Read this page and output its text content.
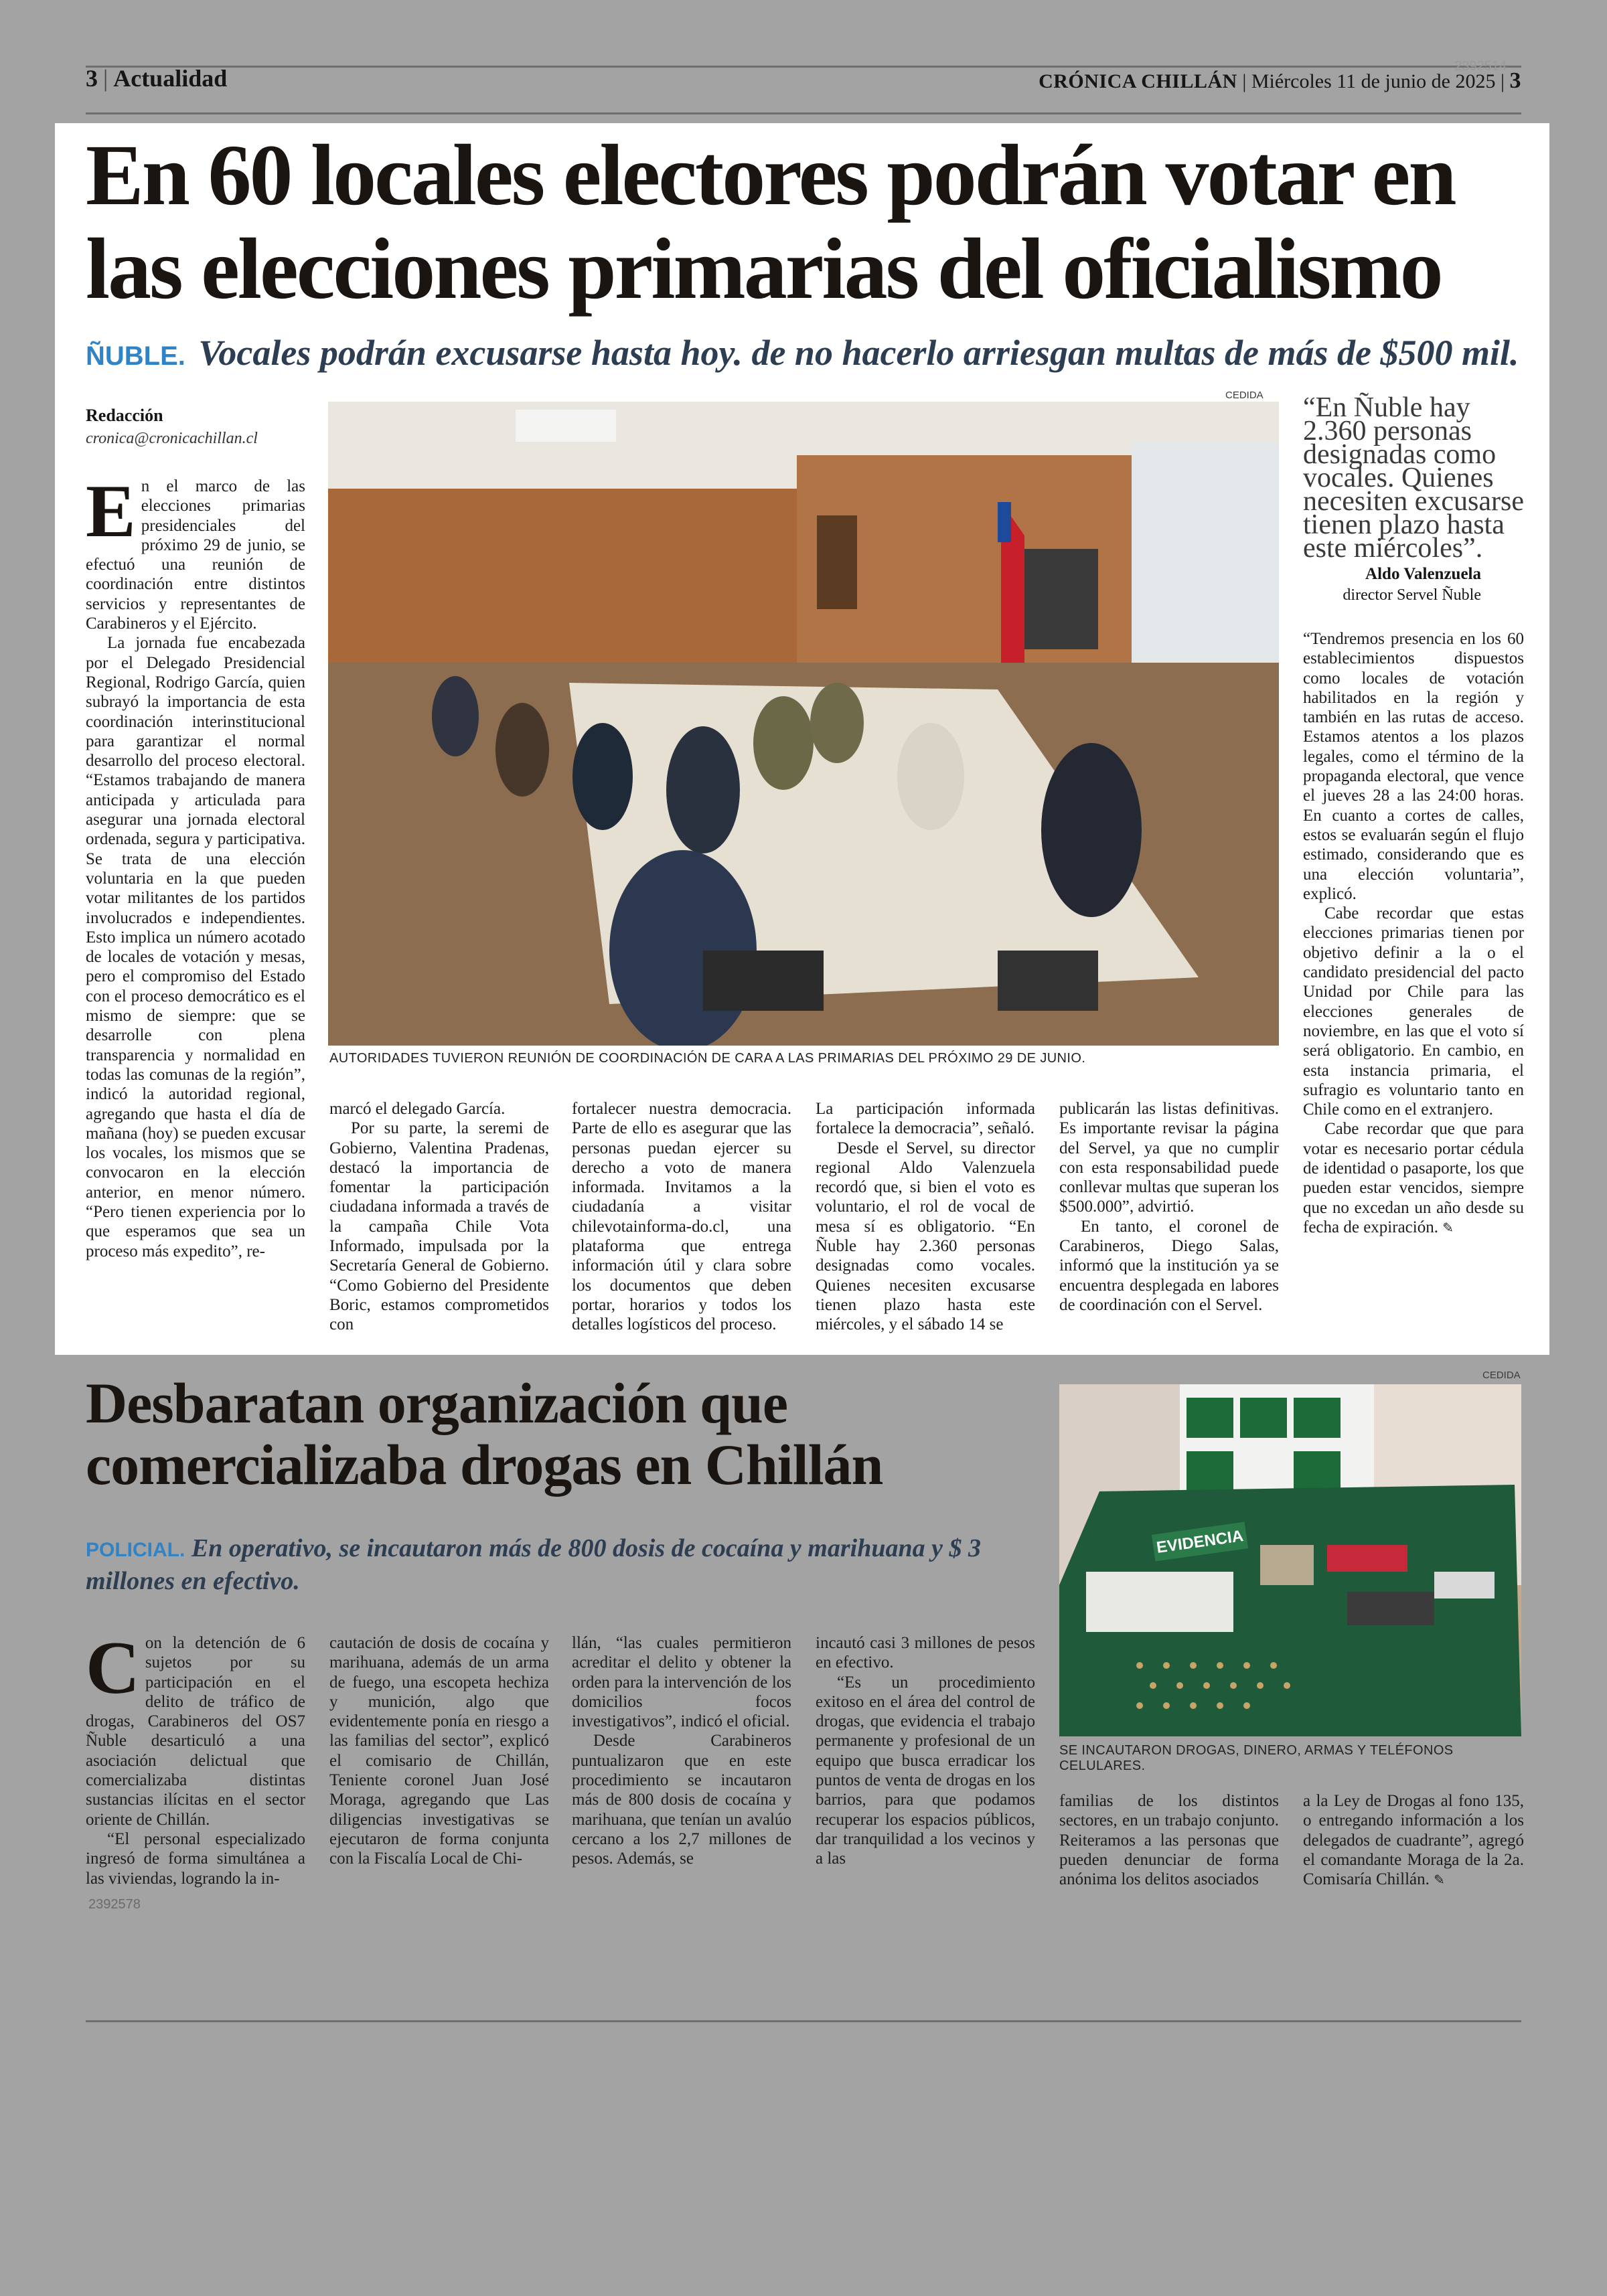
3 | Actualidad	2392514
CRÓNICA CHILLÁN | Miércoles 11 de junio de 2025 | 3
En 60 locales electores podrán votar en las elecciones primarias del oficialismo
ÑUBLE. Vocales podrán excusarse hasta hoy. de no hacerlo arriesgan multas de más de $500 mil.
Redacción
cronica@cronicachillan.cl
E n el marco de las elecciones primarias presidenciales del próximo 29 de junio, se efectuó una reunión de coordinación entre distintos servicios y representantes de Carabineros y el Ejército.

La jornada fue encabezada por el Delegado Presidencial Regional, Rodrigo García, quien subrayó la importancia de esta coordinación interinstitucional para garantizar el normal desarrollo del proceso electoral. “Estamos trabajando de manera anticipada y articulada para asegurar una jornada electoral ordenada, segura y participativa. Se trata de una elección voluntaria en la que pueden votar militantes de los partidos involucrados e independientes. Esto implica un número acotado de locales de votación y mesas, pero el compromiso del Estado con el proceso democrático es el mismo de siempre: que se desarrolle con plena transparencia y normalidad en todas las comunas de la región”, indicó la autoridad regional, agregando que hasta el día de mañana (hoy) se pueden excusar los vocales, los mismos que se convocaron en la elección anterior, en menor número. “Pero tienen experiencia por lo que esperamos que sea un proceso más expedito”, re-

CEDIDA
AUTORIDADES TUVIERON REUNIÓN DE COORDINACIÓN DE CARA A LAS PRIMARIAS DEL PRÓXIMO 29 DE JUNIO.
“En Ñuble hay 2.360 personas designadas como vocales. Quienes necesiten excusarse tienen plazo hasta este miércoles”.
Aldo Valenzuela
director Servel Ñuble

marcó el delegado García.

Por su parte, la seremi de Gobierno, Valentina Pradenas, destacó la importancia de fomentar la participación ciudadana informada a través de la campaña Chile Vota Informado, impulsada por la Secretaría General de Gobierno. “Como Gobierno del Presidente Boric, estamos comprometidos con

fortalecer nuestra democracia. Parte de ello es asegurar que las personas puedan ejercer su derecho a voto de manera informada. Invitamos a la ciudadanía a visitar chilevotainforma-do.cl, una plataforma que entrega información útil y clara sobre los documentos que deben portar, horarios y todos los detalles logísticos del proceso.

La participación informada fortalece la democracia”, señaló.

Desde el Servel, su director regional Aldo Valenzuela recordó que, si bien el voto es voluntario, el rol de vocal de mesa sí es obligatorio. “En Ñuble hay 2.360 personas designadas como vocales. Quienes necesiten excusarse tienen plazo hasta este miércoles, y el sábado 14 se

publicarán las listas definitivas. Es importante revisar la página del Servel, ya que no cumplir con esta responsabilidad puede conllevar multas que superan los $500.000”, advirtió.

En tanto, el coronel de Carabineros, Diego Salas, informó que la institución ya se encuentra desplegada en labores de coordinación con el Servel.

“Tendremos presencia en los 60 establecimientos dispuestos como locales de votación habilitados en la región y también en las rutas de acceso. Estamos atentos a los plazos legales, como el término de la propaganda electoral, que vence el jueves 28 a las 24:00 horas. En cuanto a cortes de calles, estos se evaluarán según el flujo estimado, considerando que es una elección voluntaria”, explicó.

Cabe recordar que estas elecciones primarias tienen por objetivo definir a la o el candidato presidencial del pacto Unidad por Chile para las elecciones generales de noviembre, en las que el voto sí será obligatorio. En cambio, en esta instancia primaria, el sufragio es voluntario tanto en Chile como en el extranjero.

Cabe recordar que que para votar es necesario portar cédula de identidad o pasaporte, los que pueden estar vencidos, siempre que no excedan un año desde su fecha de expiración. ✎

Desbaratan organización que comercializaba drogas en Chillán
POLICIAL. En operativo, se incautaron más de 800 dosis de cocaína y marihuana y $ 3 millones en efectivo.
CEDIDA
EVIDENCIA
SE INCAUTARON DROGAS, DINERO, ARMAS Y TELÉFONOS CELULARES.
C on la detención de 6 sujetos por su participación en el delito de tráfico de drogas, Carabineros del OS7 Ñuble desarticuló a una asociación delictual que comercializaba distintas sustancias ilícitas en el sector oriente de Chillán.

“El personal especializado ingresó de forma simultánea a las viviendas, logrando la in-

2392578

cautación de dosis de cocaína y marihuana, además de un arma de fuego, una escopeta hechiza y munición, algo que evidentemente ponía en riesgo a las familias del sector”, explicó el comisario de Chillán, Teniente coronel Juan José Moraga, agregando que Las diligencias investigativas se ejecutaron de forma conjunta con la Fiscalía Local de Chi-

llán, “las cuales permitieron acreditar el delito y obtener la orden para la intervención de los domicilios focos investigativos”, indicó el oficial.

Desde Carabineros puntualizaron que en este procedimiento se incautaron más de 800 dosis de cocaína y marihuana, que tenían un avalúo cercano a los 2,7 millones de pesos. Además, se

incautó casi 3 millones de pesos en efectivo.

“Es un procedimiento exitoso en el área del control de drogas, que evidencia el trabajo permanente y profesional de un equipo que busca erradicar los puntos de venta de drogas en los barrios, para que podamos recuperar los espacios públicos, dar tranquilidad a los vecinos y a las

familias de los distintos sectores, en un trabajo conjunto. Reiteramos a las personas que pueden denunciar de forma anónima los delitos asociados

a la Ley de Drogas al fono 135, o entregando información a los delegados de cuadrante”, agregó el comandante Moraga de la 2a. Comisaría Chillán. ✎
